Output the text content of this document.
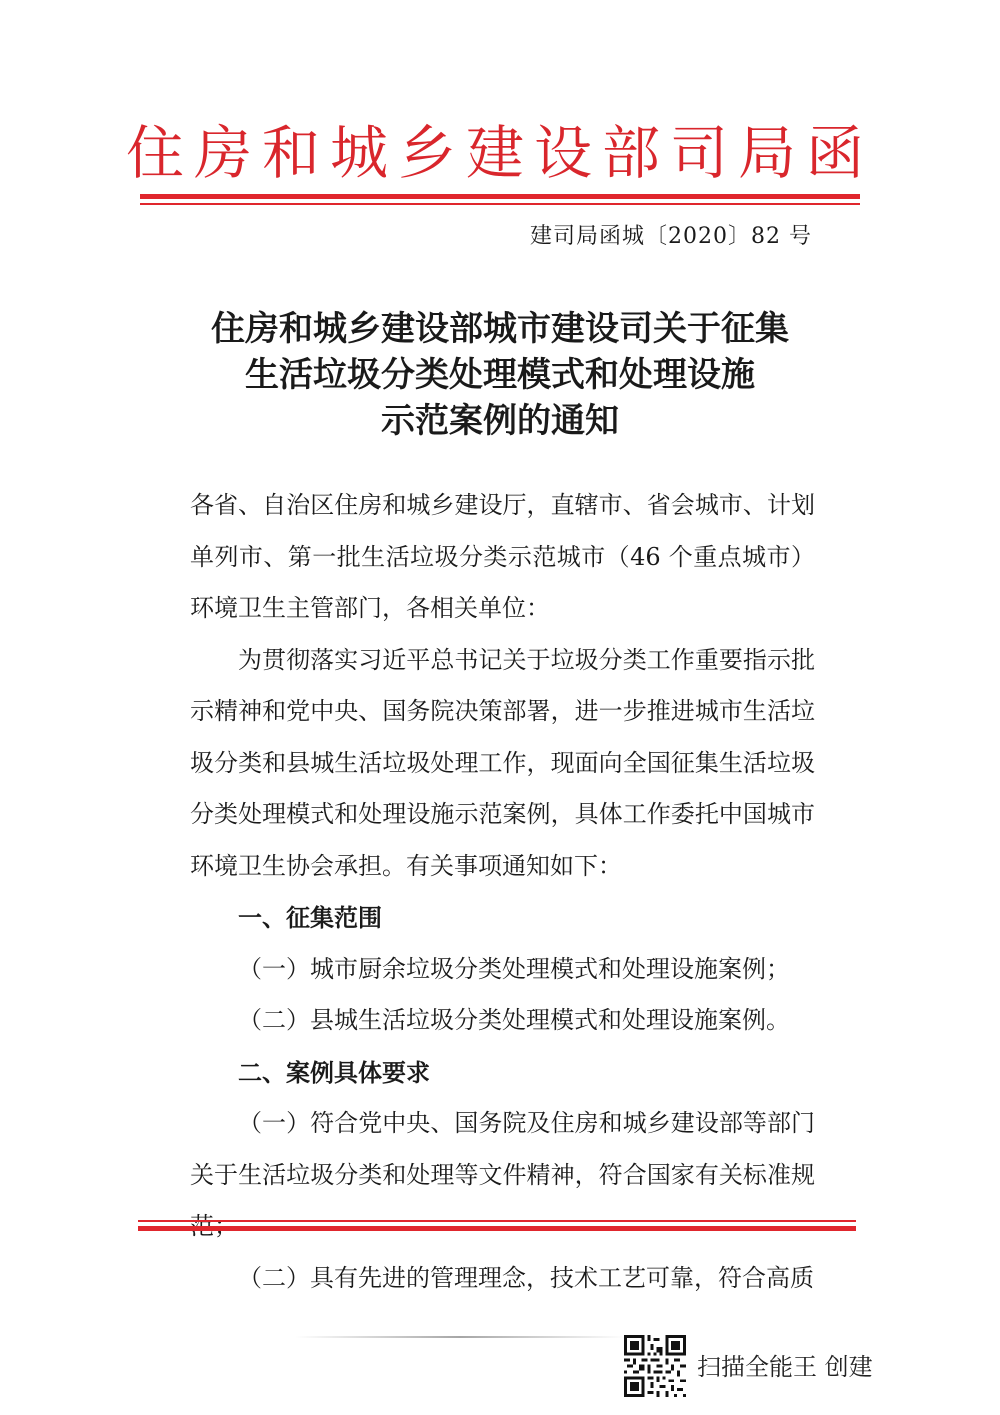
住房和城乡建设部司局函
建司局函城〔2020〕82 号
住房和城乡建设部城市建设司关于征集
生活垃圾分类处理模式和处理设施
示范案例的通知

各省、自治区住房和城乡建设厅，直辖市、省会城市、计划单列市、第一批生活垃圾分类示范城市（46 个重点城市）环境卫生主管部门，各相关单位：

为贯彻落实习近平总书记关于垃圾分类工作重要指示批示精神和党中央、国务院决策部署，进一步推进城市生活垃圾分类和县城生活垃圾处理工作，现面向全国征集生活垃圾分类处理模式和处理设施示范案例，具体工作委托中国城市环境卫生协会承担。有关事项通知如下：

一、征集范围

（一）城市厨余垃圾分类处理模式和处理设施案例；

（二）县城生活垃圾分类处理模式和处理设施案例。

二、案例具体要求

（一）符合党中央、国务院及住房和城乡建设部等部门关于生活垃圾分类和处理等文件精神，符合国家有关标准规

（二）具有先进的管理理念，技术工艺可靠，符合高质

扫描全能王 创建
